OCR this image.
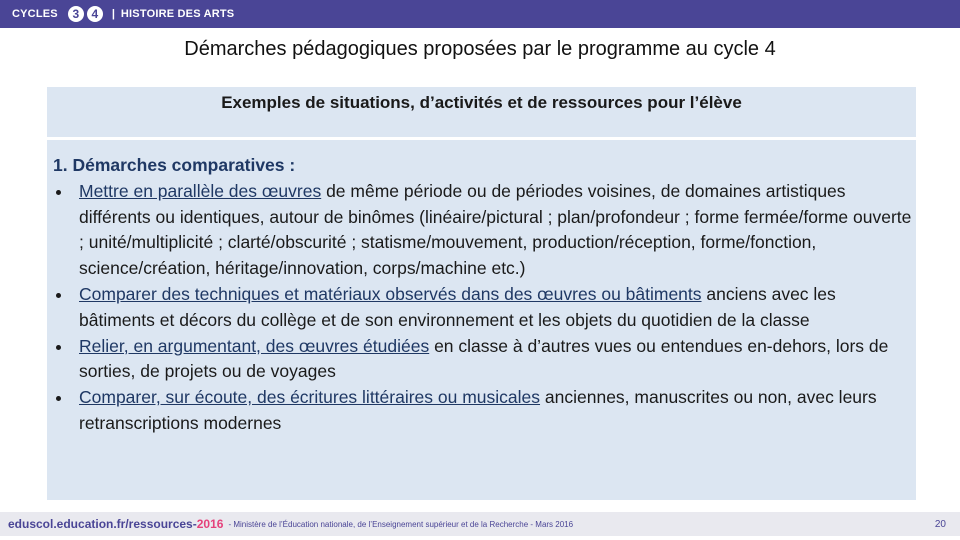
CYCLES	3	4	| HISTOIRE DES ARTS
Démarches pédagogiques proposées par le programme au cycle 4
Exemples de situations, d’activités et de ressources pour l’élève
1. Démarches comparatives :
Mettre en parallèle des œuvres de même période ou de périodes voisines, de domaines artistiques différents ou identiques, autour de binômes (linéaire/pictural ; plan/profondeur ; forme fermée/forme ouverte ; unité/multiplicité ; clarté/obscurité ; statisme/mouvement, production/réception, forme/fonction, science/création, héritage/innovation, corps/machine etc.)
Comparer des techniques et matériaux observés dans des œuvres ou bâtiments anciens avec les bâtiments et décors du collège et de son environnement et les objets du quotidien de la classe
Relier, en argumentant, des œuvres étudiées en classe à d’autres vues ou entendues en-dehors, lors de sorties, de projets ou de voyages
Comparer, sur écoute, des écritures littéraires ou musicales anciennes, manuscrites ou non, avec leurs retranscriptions modernes
eduscol.education.fr/ressources- 2016 - Ministère de l’Éducation nationale, de l’Enseignement supérieur et de la Recherche - Mars 2016	20
